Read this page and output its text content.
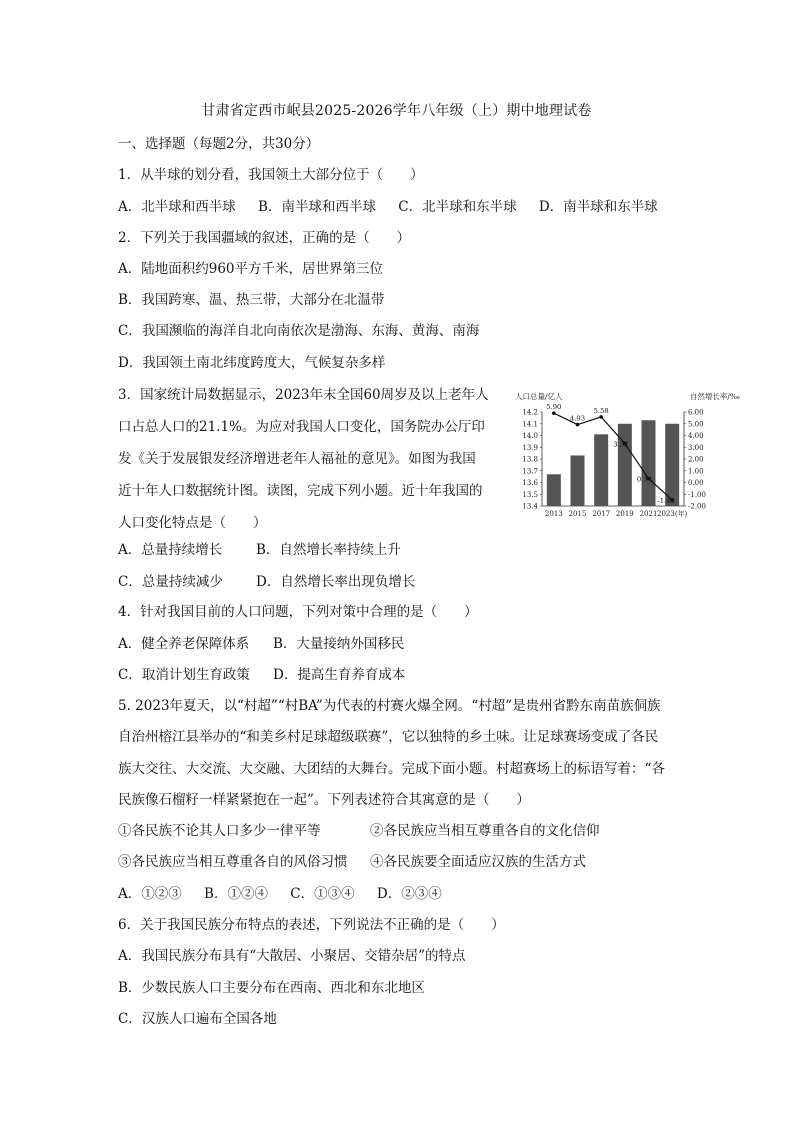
甘肃省定西市岷县2025-2026学年八年级（上）期中地理试卷
一、选择题（每题2分，共30分）
1．从半球的划分看，我国领土大部分位于（　　）
A．北半球和西半球 B．南半球和西半球 C．北半球和东半球 D．南半球和东半球
2．下列关于我国疆域的叙述，正确的是（　　）
A．陆地面积约960平方千米，居世界第三位
B．我国跨寒、温、热三带，大部分在北温带
C．我国濒临的海洋自北向南依次是渤海、东海、黄海、南海
D．我国领土南北纬度跨度大，气候复杂多样
3．国家统计局数据显示，2023年末全国60周岁及以上老年人
口占总人口的21.1%。为应对我国人口变化，国务院办公厅印
发《关于发展银发经济增进老年人福祉的意见》。如图为我国
近十年人口数据统计图。读图，完成下列小题。近十年我国的
人口变化特点是（　　）
人口总量/亿人	自然增长率/‰
14.2	6.00
14.1	5.00
14.0	4.00
13.9	3.00
13.8	2.00
13.7	1.00
13.6	0.00
13.5	-1.00
13.4	-2.00
2013 2015 2017 2019 2021 2023(年)
5.90
4.93
5.58
3.32
0.34
-1.48
A．总量持续增长	B．自然增长率持续上升
C．总量持续减少 D．自然增长率出现负增长
4．针对我国目前的人口问题，下列对策中合理的是（　　）
A．健全养老保障体系 B．大量接纳外国移民
C．取消计划生育政策 D．提高生育养育成本
5. 2023年夏天，以“村超”“村BA”为代表的村赛火爆全网。“村超”是贵州省黔东南苗族侗族
自治州榕江县举办的“和美乡村足球超级联赛”，它以独特的乡土味。让足球赛场变成了各民
族大交往、大交流、大交融、大团结的大舞台。完成下面小题。村超赛场上的标语写着：“各
民族像石榴籽一样紧紧抱在一起”。下列表述符合其寓意的是（　　）
①各民族不论其人口多少一律平等	②各民族应当相互尊重各自的文化信仰
③各民族应当相互尊重各自的风俗习惯 ④各民族要全面适应汉族的生活方式
A．①②③ B．①②④ C．①③④ D．②③④
6．关于我国民族分布特点的表述，下列说法不正确的是（　　）
A．我国民族分布具有“大散居、小聚居、交错杂居”的特点
B．少数民族人口主要分布在西南、西北和东北地区
C．汉族人口遍布全国各地
